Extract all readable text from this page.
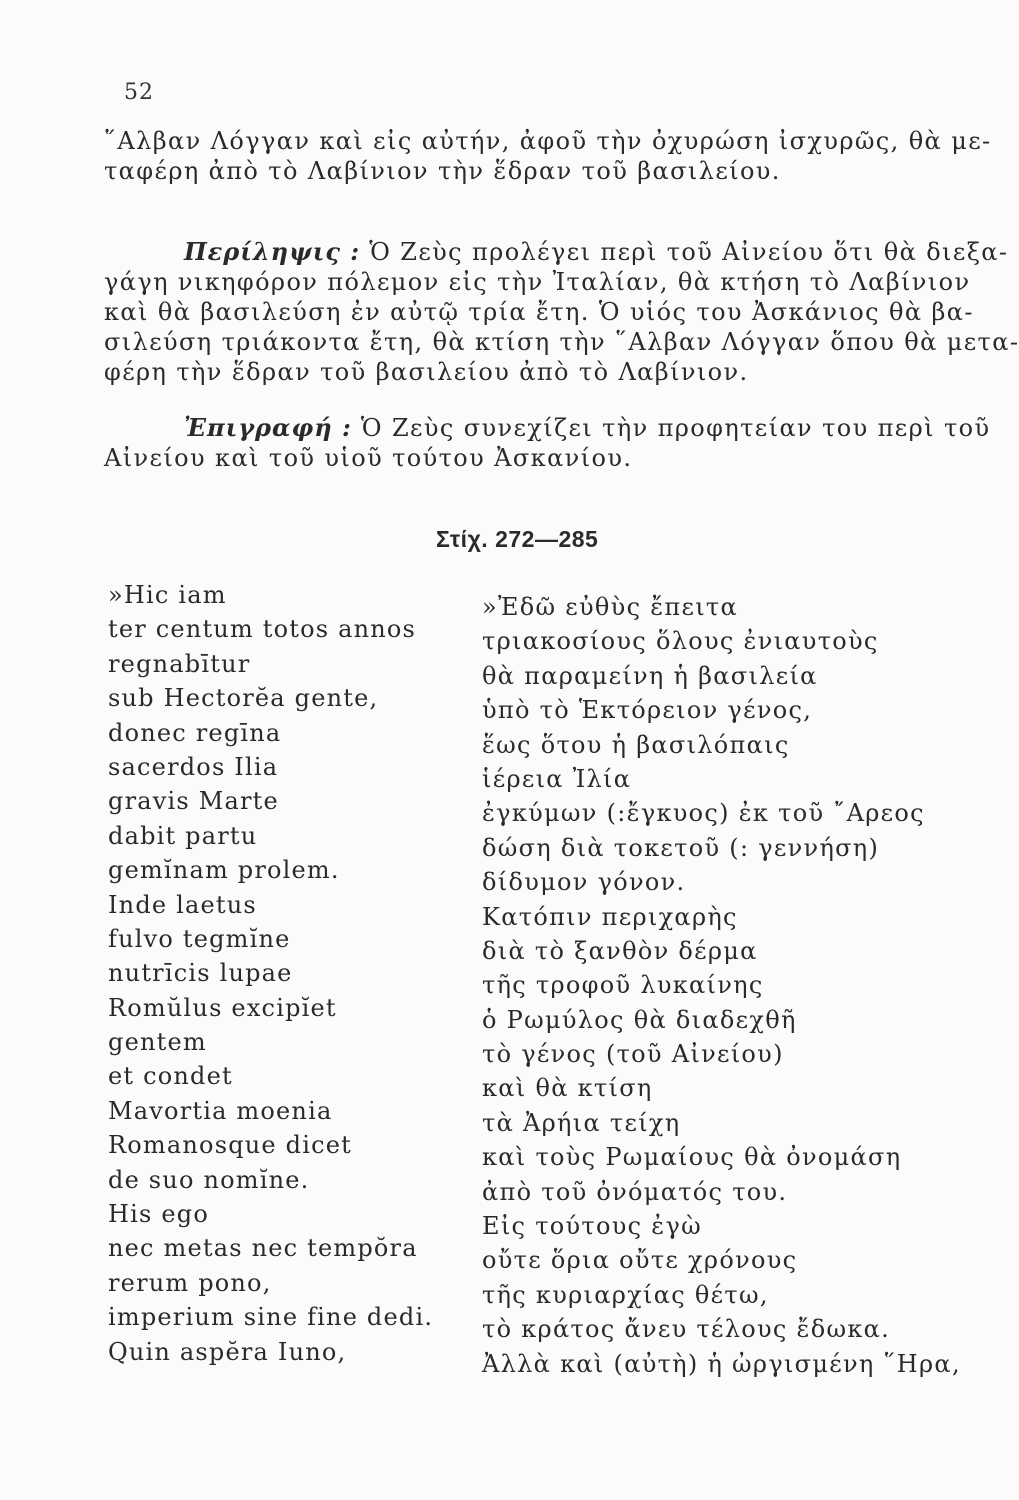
52
῞Αλβαν Λόγγαν καὶ εἰς αὐτήν, ἀφοῦ τὴν ὀχυρώση ἰσχυρῶς, θὰ με-
ταφέρη ἀπὸ τὸ Λαβίνιον τὴν ἕδραν τοῦ βασιλείου.
Περίληψις : Ὁ Ζεὺς προλέγει περὶ τοῦ Αἰνείου ὅτι θὰ διεξα-
γάγη νικηφόρον πόλεμον εἰς τὴν Ἰταλίαν, θὰ κτήση τὸ Λαβίνιον
καὶ θὰ βασιλεύση ἐν αὐτῷ τρία ἔτη. Ὁ υἱός του Ἀσκάνιος θὰ βα-
σιλεύση τριάκοντα ἔτη, θὰ κτίση τὴν ῞Αλβαν Λόγγαν ὅπου θὰ μετα-
φέρη τὴν ἕδραν τοῦ βασιλείου ἀπὸ τὸ Λαβίνιον.
Ἐπιγραφή : Ὁ Ζεὺς συνεχίζει τὴν προφητείαν του περὶ τοῦ
Αἰνείου καὶ τοῦ υἱοῦ τούτου Ἀσκανίου.
Στίχ. 272—285
»Hic iam
ter centum totos annos
regnabītur
sub Hectorĕa gente,
donec regīna
sacerdos Ilia
gravis Marte
dabit partu
gemĭnam prolem.
Inde laetus
fulvo tegmĭne
nutrīcis lupae
Romŭlus excipĭet
gentem
et condet
Mavortia moenia
Romanosque dicet
de suo nomĭne.
His ego
nec metas nec tempŏra
rerum pono,
imperium sine fine dedi.
Quin aspĕra Iuno,
»Ἐδῶ εὐθὺς ἔπειτα
τριακοσίους ὅλους ἐνιαυτοὺς
θὰ παραμείνη ἡ βασιλεία
ὑπὸ τὸ Ἑκτόρειον γένος,
ἕως ὅτου ἡ βασιλόπαις
ἱέρεια Ἰλία
ἐγκύμων (:ἔγκυος) ἐκ τοῦ ῎Αρεος
δώση διὰ τοκετοῦ (: γεννήση)
δίδυμον γόνον.
Κατόπιν περιχαρὴς
διὰ τὸ ξανθὸν δέρμα
τῆς τροφοῦ λυκαίνης
ὁ Ρωμύλος θὰ διαδεχθῆ
τὸ γένος (τοῦ Αἰνείου)
καὶ θὰ κτίση
τὰ Ἀρήια τείχη
καὶ τοὺς Ρωμαίους θὰ ὀνομάση
ἀπὸ τοῦ ὀνόματός του.
Εἰς τούτους ἐγὼ
οὔτε ὅρια οὔτε χρόνους
τῆς κυριαρχίας θέτω,
τὸ κράτος ἄνευ τέλους ἔδωκα.
Ἀλλὰ καὶ (αὐτὴ) ἡ ὠργισμένη ῞Ηρα,
